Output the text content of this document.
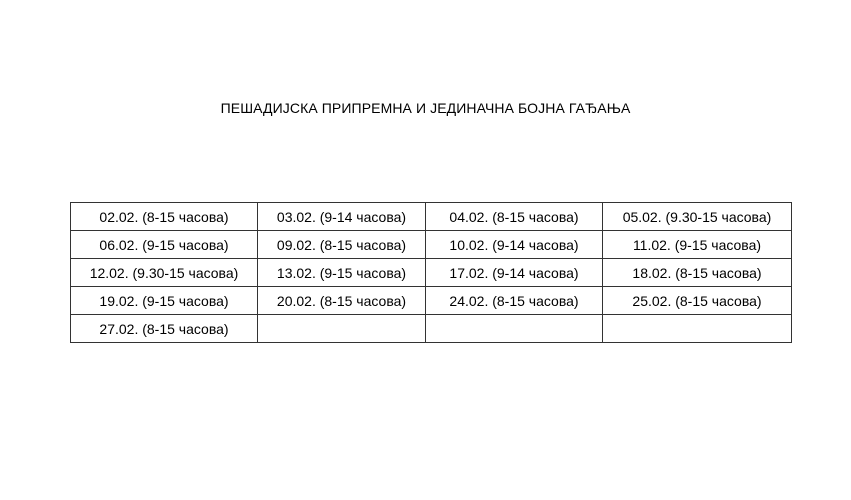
ПЕШАДИЈСКА ПРИПРЕМНА И ЈЕДИНАЧНА БОЈНА ГАЂАЊА
02.02. (8-15 часова)	03.02. (9-14 часова)	04.02. (8-15 часова)	05.02. (9.30-15 часова)
06.02. (9-15 часова)	09.02. (8-15 часова)	10.02. (9-14 часова)	11.02. (9-15 часова)
12.02. (9.30-15 часова)	13.02. (9-15 часова)	17.02. (9-14 часова)	18.02. (8-15 часова)
19.02. (9-15 часова)	20.02. (8-15 часова)	24.02. (8-15 часова)	25.02. (8-15 часова)
27.02. (8-15 часова)			
